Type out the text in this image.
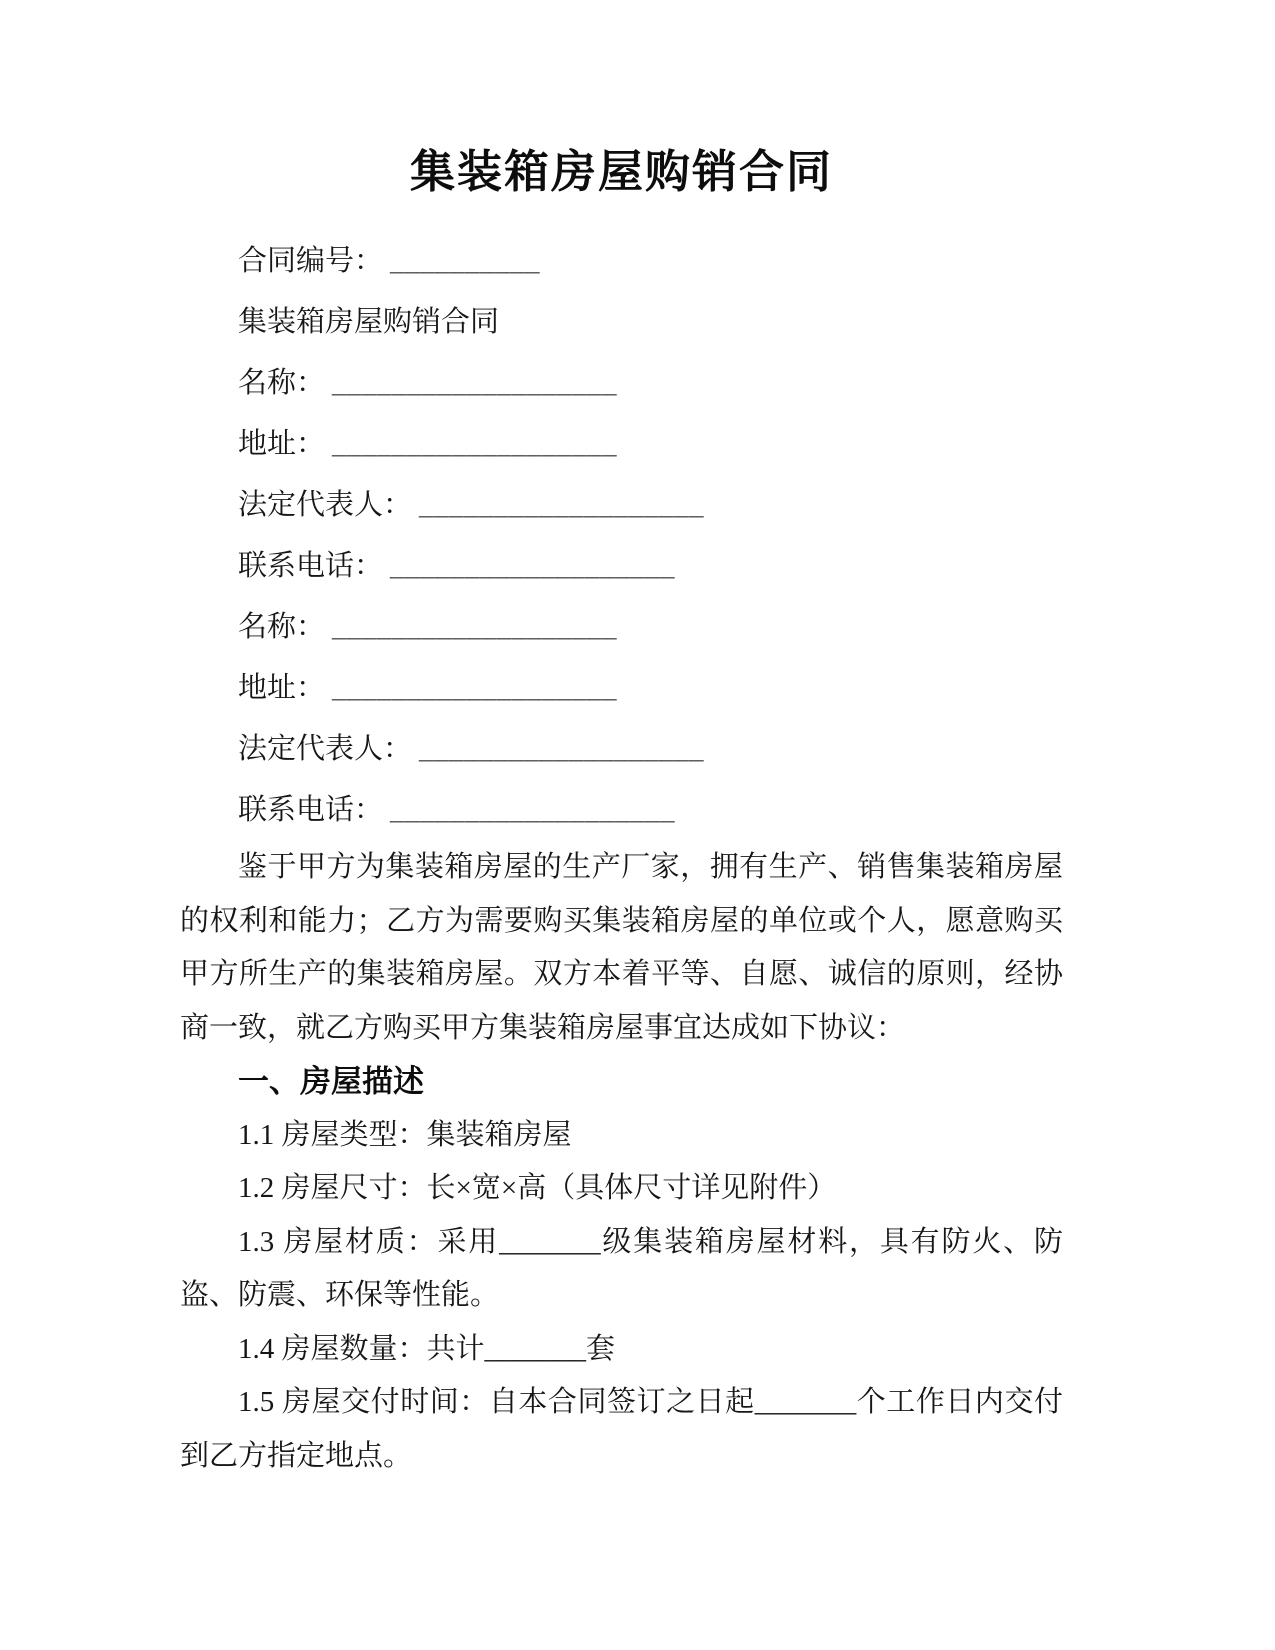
集装箱房屋购销合同
合同编号： __________
集装箱房屋购销合同
名称： ___________________
地址： ___________________
法定代表人： ___________________
联系电话： ___________________
名称： ___________________
地址： ___________________
法定代表人： ___________________
联系电话： ___________________

鉴于甲方为集装箱房屋的生产厂家，拥有生产、销售集装箱房屋的权利和能力；乙方为需要购买集装箱房屋的单位或个人，愿意购买甲方所生产的集装箱房屋。双方本着平等、自愿、诚信的原则，经协商一致，就乙方购买甲方集装箱房屋事宜达成如下协议：

一、房屋描述

1.1 房屋类型：集装箱房屋

1.2 房屋尺寸：长×宽×高（具体尺寸详见附件）

1.3 房屋材质：采用_______级集装箱房屋材料，具有防火、防盗、防震、环保等性能。

1.4 房屋数量：共计_______套

1.5 房屋交付时间：自本合同签订之日起_______个工作日内交付到乙方指定地点。
